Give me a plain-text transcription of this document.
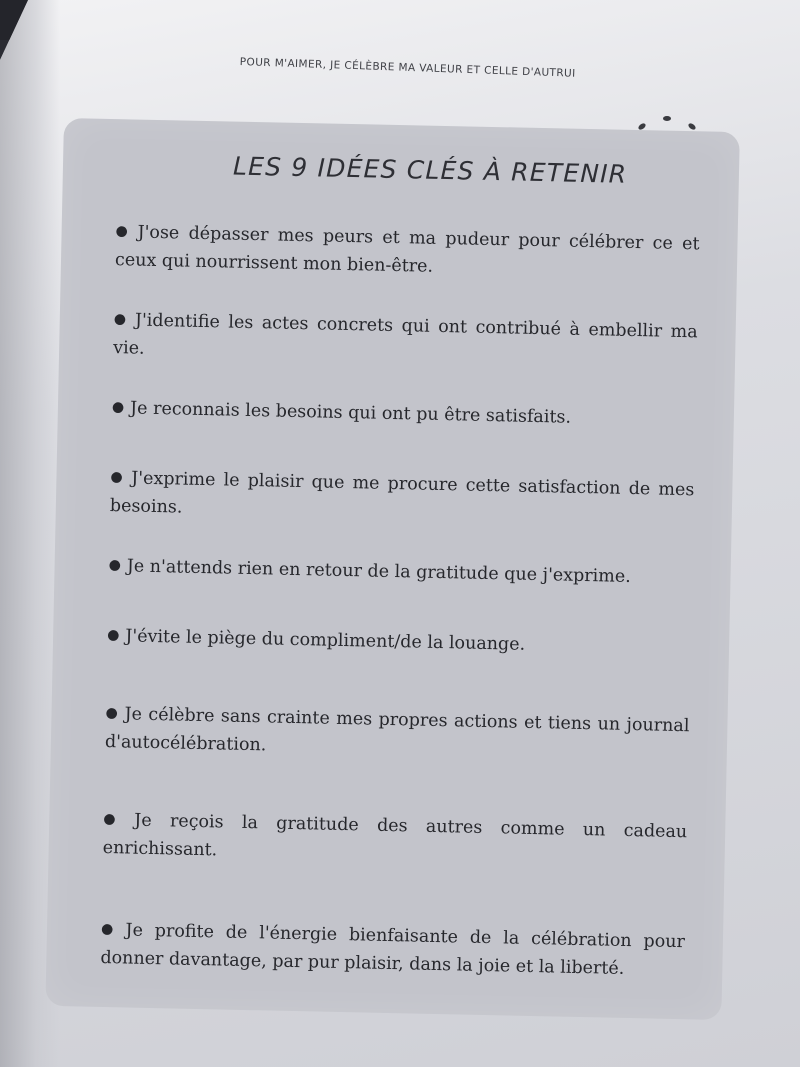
POUR M'AIMER, JE CÉLÈBRE MA VALEUR ET CELLE D'AUTRUI
LES 9 IDÉES CLÉS À RETENIR
● J'ose dépasser mes peurs et ma pudeur pour célébrer ce et ceux qui nourrissent mon bien-être.
● J'identifie les actes concrets qui ont contribué à embellir ma vie.
● Je reconnais les besoins qui ont pu être satisfaits.
● J'exprime le plaisir que me procure cette satisfaction de mes besoins.
● Je n'attends rien en retour de la gratitude que j'exprime.
● J'évite le piège du compliment/de la louange.
● Je célèbre sans crainte mes propres actions et tiens un journal d'autocélébration.
● Je reçois la gratitude des autres comme un cadeau enrichissant.
● Je profite de l'énergie bienfaisante de la célébration pour donner davantage, par pur plaisir, dans la joie et la liberté.
